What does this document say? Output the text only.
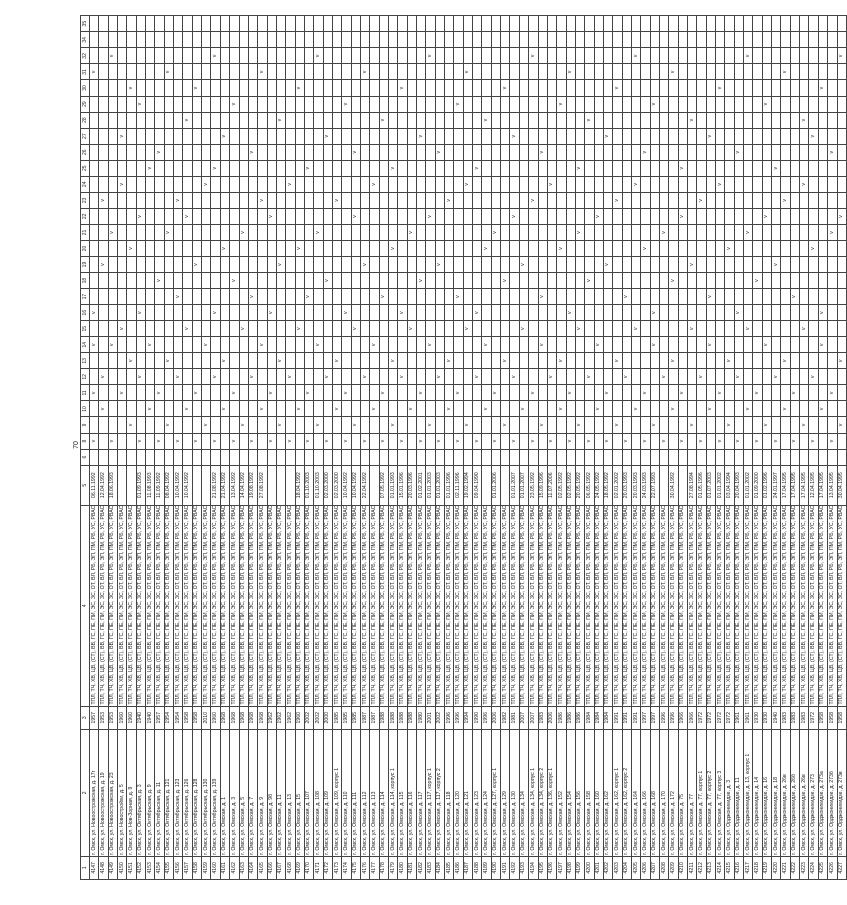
70
1	2	3	4	5	6	8	9	10	11	12	13	14	15	16	17	18	19	20	21	22	23	24	25	26	27	28	29	30	31	32	34	35
4147	г. Омск, ул. Новоострожская, д. 17г	1957	ТПЛ, ТЧ, ХВ, ЦВ, (СТ), ВВ, ГС, ПЕ, ПИ, ЭС, ЗС, ОТ, ВЛ, РБ, ЭП, ПМ, РБ, УС, РВАС	06.11.1992		v			v			v		v															v			
4148	г. Омск, ул. Новоострожская, д. 19	1953	ТПЛ, ТЧ, ХВ, ЦВ, (СТ), ВВ, ГС, ПЕ, ПИ, ЭС, ЗС, ОТ, ВЛ, РБ, ЭП, ПМ, РБ, УС, РВАС	12.04.1992				v		v							v				v											
4149	г. Омск, ул. Новоострожская, д. 23	1953	ТПЛ, ТЧ, ХВ, ЦВ, (СТ), ВВ, ГС, ПЕ, ПИ, ЭС, ЗС, ОТ, ВЛ, РБ, ЭП, ПМ, РБ, УС, РВАС	18.06.1993		v						v							v											v		
4150	г. Омск, ул. Новостройки, д. 5	1960	ТПЛ, ТЧ, ХВ, ЦВ, (СТ), ВВ, ГС, ПЕ, ПИ, ЭС, ЗС, ОТ, ВЛ, РБ, ЭП, ПМ, РБ, УС, РВАС						v				v									v			v							
4151	г. Омск, ул. Нов-Зорная, д. 9	1960	ТПЛ, ТЧ, ХВ, ЦВ, (СТ), ВВ, ГС, ПЕ, ПИ, ЭС, ЗС, ОТ, ВЛ, РБ, ЭП, ПМ, РБ, УС, РВАС				v				v							v										v				
4152	г. Омск, ул. Октябрьская, д. 3	1940	ТПЛ, ТЧ, ХВ, ЦВ, (СТ), ВВ, ГС, ПЕ, ПИ, ЭС, ЗС, ОТ, ВЛ, РБ, ЭП, ПМ, РБ, УС, РВАС	01.09.1993		v				v				v						v							v					
4153	г. Омск, ул. Октябрьская, д. 9	1940	ТПЛ, ТЧ, ХВ, ЦВ, (СТ), ВВ, ГС, ПЕ, ПИ, ЭС, ЗС, ОТ, ВЛ, РБ, ЭП, ПМ, РБ, УС, РВАС	11.08.1993				v				v											v									
4154	г. Омск, ул. Октябрьская, д. 11	1957	ТПЛ, ТЧ, ХВ, ЦВ, (СТ), ВВ, ГС, ПЕ, ПИ, ЭС, ЗС, ОТ, ВЛ, РБ, ЭП, ПМ, РБ, УС, РВАС	11.09.1992		v			v							v								v								
4155	г. Омск, ул. Октябрьская, д. 121	1954	ТПЛ, ТЧ, ХВ, ЦВ, (СТ), ВВ, ГС, ПЕ, ПИ, ЭС, ЗС, ОТ, ВЛ, РБ, ЭП, ПМ, РБ, УС, РВАС	08.04.1992			v				v								v										v			
4156	г. Омск, ул. Октябрьская, д. 123	1954	ТПЛ, ТЧ, ХВ, ЦВ, (СТ), ВВ, ГС, ПЕ, ПИ, ЭС, ЗС, ОТ, ВЛ, РБ, ЭП, ПМ, РБ, УС, РВАС	10.04.1992		v				v					v						v											
4157	г. Омск, ул. Октябрьская, д. 126	1958	ТПЛ, ТЧ, ХВ, ЦВ, (СТ), ВВ, ГС, ПЕ, ПИ, ЭС, ЗС, ОТ, ВЛ, РБ, ЭП, ПМ, РБ, УС, РВАС	10.04.1992				v					v							v						v						
4158	г. Омск, ул. Октябрьская, д. 128	1958	ТПЛ, ТЧ, ХВ, ЦВ, (СТ), ВВ, ГС, ПЕ, ПИ, ЭС, ЗС, ОТ, ВЛ, РБ, ЭП, ПМ, РБ, УС, РВАС			v			v								v											v				
4159	г. Омск, ул. Октябрьская, д. 130	2010	ТПЛ, ТЧ, ХВ, ЦВ, (СТ), ВВ, ГС, ПЕ, ПИ, ЭС, ЗС, ОТ, ВЛ, РБ, ЭП, ПМ, РБ, УС, РВАС				v					v										v										
4160	г. Омск, ул. Октябрьская, д. 139	1960	ТПЛ, ТЧ, ХВ, ЦВ, (СТ), ВВ, ГС, ПЕ, ПИ, ЭС, ЗС, ОТ, ВЛ, РБ, ЭП, ПМ, РБ, УС, РВАС	21.08.1992		v				v				v									v							v		
4161	г. Омск, ул. Омская, д. 1	1968	ТПЛ, ТЧ, ХВ, ЦВ, (СТ), ВВ, ГС, ПЕ, ПИ, ЭС, ЗС, ОТ, ВЛ, РБ, ЭП, ПМ, РБ, УС, РВАС	21.04.1992				v			v							v							v							
4162	г. Омск, ул. Омская, д. 3	1968	ТПЛ, ТЧ, ХВ, ЦВ, (СТ), ВВ, ГС, ПЕ, ПИ, ЭС, ЗС, ОТ, ВЛ, РБ, ЭП, ПМ, РБ, УС, РВАС	13.04.1992		v			v							v											v					
4163	г. Омск, ул. Омская, д. 5	1968	ТПЛ, ТЧ, ХВ, ЦВ, (СТ), ВВ, ГС, ПЕ, ПИ, ЭС, ЗС, ОТ, ВЛ, РБ, ЭП, ПМ, РБ, УС, РВАС	14.04.1992			v						v						v													
4164	г. Омск, ул. Омская, д. 7	1968	ТПЛ, ТЧ, ХВ, ЦВ, (СТ), ВВ, ГС, ПЕ, ПИ, ЭС, ЗС, ОТ, ВЛ, РБ, ЭП, ПМ, РБ, УС, РВАС	19.08.1992		v				v					v									v								
4165	г. Омск, ул. Омская, д. 9	1968	ТПЛ, ТЧ, ХВ, ЦВ, (СТ), ВВ, ГС, ПЕ, ПИ, ЭС, ЗС, ОТ, ВЛ, РБ, ЭП, ПМ, РБ, УС, РВАС	27.08.1992				v				v									v								v			
4166	г. Омск, ул. Омская, д. 9б	1962	ТПЛ, ТЧ, ХВ, ЦВ, (СТ), ВВ, ГС, ПЕ, ПИ, ЭС, ЗС, ОТ, ВЛ, РБ, ЭП, ПМ, РБ, УС, РВАС			v			v					v						v												
4167	г. Омск, ул. Омская, д. 11	1962	ТПЛ, ТЧ, ХВ, ЦВ, (СТ), ВВ, ГС, ПЕ, ПИ, ЭС, ЗС, ОТ, ВЛ, РБ, ЭП, ПМ, РБ, УС, РВАС				v				v						v									v						
4168	г. Омск, ул. Омская, д. 13	1962	ТПЛ, ТЧ, ХВ, ЦВ, (СТ), ВВ, ГС, ПЕ, ПИ, ЭС, ЗС, ОТ, ВЛ, РБ, ЭП, ПМ, РБ, УС, РВАС			v				v												v										
4169	г. Омск, ул. Омская, д. 15	1960	ТПЛ, ТЧ, ХВ, ЦВ, (СТ), ВВ, ГС, ПЕ, ПИ, ЭС, ЗС, ОТ, ВЛ, РБ, ЭП, ПМ, РБ, УС, РВАС	18.04.1992				v					v					v										v				
4170	г. Омск, ул. Омская, д. 107	2002	ТПЛ, ТЧ, ХВ, ЦВ, (СТ), ВВ, ГС, ПЕ, ПИ, ЭС, ЗС, ОТ, ВЛ, РБ, ЭП, ПМ, РБ, УС, РВАС	01.10.2003		v			v						v								v									
4171	г. Омск, ул. Омская, д. 108	2002	ТПЛ, ТЧ, ХВ, ЦВ, (СТ), ВВ, ГС, ПЕ, ПИ, ЭС, ЗС, ОТ, ВЛ, РБ, ЭП, ПМ, РБ, УС, РВАС	01.10.2003			v					v							v											v		
4172	г. Омск, ул. Омская, д. 109	2000	ТПЛ, ТЧ, ХВ, ЦВ, (СТ), ВВ, ГС, ПЕ, ПИ, ЭС, ЗС, ОТ, ВЛ, РБ, ЭП, ПМ, РБ, УС, РВАС	02.03.2000		v				v						v									v							
4173	г. Омск, ул. Омская, д. 109, корпус 1	1985	ТПЛ, ТЧ, ХВ, ЦВ, (СТ), ВВ, ГС, ПЕ, ПИ, ЭС, ЗС, ОТ, ВЛ, РБ, ЭП, ПМ, РБ, УС, РВАС	02.03.2000				v			v										v											
4174	г. Омск, ул. Омская, д. 110	1985	ТПЛ, ТЧ, ХВ, ЦВ, (СТ), ВВ, ГС, ПЕ, ПИ, ЭС, ЗС, ОТ, ВЛ, РБ, ЭП, ПМ, РБ, УС, РВАС	10.04.1992		v			v					v													v					
4175	г. Омск, ул. Омская, д. 111	1985	ТПЛ, ТЧ, ХВ, ЦВ, (СТ), ВВ, ГС, ПЕ, ПИ, ЭС, ЗС, ОТ, ВЛ, РБ, ЭП, ПМ, РБ, УС, РВАС	10.04.1992			v						v							v				v								
4176	г. Омск, ул. Омская, д. 112	1987	ТПЛ, ТЧ, ХВ, ЦВ, (СТ), ВВ, ГС, ПЕ, ПИ, ЭС, ЗС, ОТ, ВЛ, РБ, ЭП, ПМ, РБ, УС, РВАС	22.04.1992		v				v							v												v			
4177	г. Омск, ул. Омская, д. 113	1987	ТПЛ, ТЧ, ХВ, ЦВ, (СТ), ВВ, ГС, ПЕ, ПИ, ЭС, ЗС, ОТ, ВЛ, РБ, ЭП, ПМ, РБ, УС, РВАС					v				v										v										
4178	г. Омск, ул. Омская, д. 114	1988	ТПЛ, ТЧ, ХВ, ЦВ, (СТ), ВВ, ГС, ПЕ, ПИ, ЭС, ЗС, ОТ, ВЛ, РБ, ЭП, ПМ, РБ, УС, РВАС	07.05.1992		v			v						v											v						
4179	г. Омск, ул. Омская, д. 114, корпус 1	1988	ТПЛ, ТЧ, ХВ, ЦВ, (СТ), ВВ, ГС, ПЕ, ПИ, ЭС, ЗС, ОТ, ВЛ, РБ, ЭП, ПМ, РБ, УС, РВАС	01.01.1993			v				v							v					v									
4180	г. Омск, ул. Омская, д. 115	1988	ТПЛ, ТЧ, ХВ, ЦВ, (СТ), ВВ, ГС, ПЕ, ПИ, ЭС, ЗС, ОТ, ВЛ, РБ, ЭП, ПМ, РБ, УС, РВАС	15.01.1996		v				v				v														v				
4181	г. Омск, ул. Омская, д. 116	1988	ТПЛ, ТЧ, ХВ, ЦВ, (СТ), ВВ, ГС, ПЕ, ПИ, ЭС, ЗС, ОТ, ВЛ, РБ, ЭП, ПМ, РБ, УС, РВАС	20.03.1996				v					v						v													
4182	г. Омск, ул. Омская, д. 117	1980	ТПЛ, ТЧ, ХВ, ЦВ, (СТ), ВВ, ГС, ПЕ, ПИ, ЭС, ЗС, ОТ, ВЛ, РБ, ЭП, ПМ, РБ, УС, РВАС	01.02.2001		v			v							v									v							
4183	г. Омск, ул. Омская, д. 117, корпус 1	2001	ТПЛ, ТЧ, ХВ, ЦВ, (СТ), ВВ, ГС, ПЕ, ПИ, ЭС, ЗС, ОТ, ВЛ, РБ, ЭП, ПМ, РБ, УС, РВАС	01.01.2003			v					v								v										v		
4184	г. Омск, ул. Омская, д. 117, корпус 2	2002	ТПЛ, ТЧ, ХВ, ЦВ, (СТ), ВВ, ГС, ПЕ, ПИ, ЭС, ЗС, ОТ, ВЛ, РБ, ЭП, ПМ, РБ, УС, РВАС	01.01.2003		v				v							v							v								
4185	г. Омск, ул. Омская, д. 118	1996	ТПЛ, ТЧ, ХВ, ЦВ, (СТ), ВВ, ГС, ПЕ, ПИ, ЭС, ЗС, ОТ, ВЛ, РБ, ЭП, ПМ, РБ, УС, РВАС	01.01.1996				v			v										v											
4186	г. Омск, ул. Омская, д. 120	1996	ТПЛ, ТЧ, ХВ, ЦВ, (СТ), ВВ, ГС, ПЕ, ПИ, ЭС, ЗС, ОТ, ВЛ, РБ, ЭП, ПМ, РБ, УС, РВАС	02.11.1996		v			v						v												v					
4187	г. Омск, ул. Омская, д. 121	1994	ТПЛ, ТЧ, ХВ, ЦВ, (СТ), ВВ, ГС, ПЕ, ПИ, ЭС, ЗС, ОТ, ВЛ, РБ, ЭП, ПМ, РБ, УС, РВАС	19.02.1994			v						v									v							v			
4188	г. Омск, ул. Омская, д. 123	1990	ТПЛ, ТЧ, ХВ, ЦВ, (СТ), ВВ, ГС, ПЕ, ПИ, ЭС, ЗС, ОТ, ВЛ, РБ, ЭП, ПМ, РБ, УС, РВАС	09.04.1990		v				v				v									v									
4189	г. Омск, ул. Омская, д. 124	1996	ТПЛ, ТЧ, ХВ, ЦВ, (СТ), ВВ, ГС, ПЕ, ПИ, ЭС, ЗС, ОТ, ВЛ, РБ, ЭП, ПМ, РБ, УС, РВАС					v				v						v								v						
4190	г. Омск, ул. Омская, д. 127, корпус 1	2006	ТПЛ, ТЧ, ХВ, ЦВ, (СТ), ВВ, ГС, ПЕ, ПИ, ЭС, ЗС, ОТ, ВЛ, РБ, ЭП, ПМ, РБ, УС, РВАС	01.01.2006		v			v										v													
4191	г. Омск, ул. Омская, д. 129	1982	ТПЛ, ТЧ, ХВ, ЦВ, (СТ), ВВ, ГС, ПЕ, ПИ, ЭС, ЗС, ОТ, ВЛ, РБ, ЭП, ПМ, РБ, УС, РВАС				v				v					v												v				
4192	г. Омск, ул. Омская, д. 130	1981	ТПЛ, ТЧ, ХВ, ЦВ, (СТ), ВВ, ГС, ПЕ, ПИ, ЭС, ЗС, ОТ, ВЛ, РБ, ЭП, ПМ, РБ, УС, РВАС	01.01.2007		v				v										v					v							
4193	г. Омск, ул. Омская, д. 134	2007	ТПЛ, ТЧ, ХВ, ЦВ, (СТ), ВВ, ГС, ПЕ, ПИ, ЭС, ЗС, ОТ, ВЛ, РБ, ЭП, ПМ, РБ, УС, РВАС	01.01.2007				v					v				v															
4194	г. Омск, ул. Омская, д. 134, корпус 1	2007	ТПЛ, ТЧ, ХВ, ЦВ, (СТ), ВВ, ГС, ПЕ, ПИ, ЭС, ЗС, ОТ, ВЛ, РБ, ЭП, ПМ, РБ, УС, РВАС	23.05.1992		v			v												v									v		
4195	г. Омск, ул. Омская, д. 134, корпус 2	1983	ТПЛ, ТЧ, ХВ, ЦВ, (СТ), ВВ, ГС, ПЕ, ПИ, ЭС, ЗС, ОТ, ВЛ, РБ, ЭП, ПМ, РБ, УС, РВАС	15.09.1996			v					v			v									v								
4196	г. Омск, ул. Омская, д. 136, корпус 1	2006	ТПЛ, ТЧ, ХВ, ЦВ, (СТ), ВВ, ГС, ПЕ, ПИ, ЭС, ЗС, ОТ, ВЛ, РБ, ЭП, ПМ, РБ, УС, РВАС	11.07.2006		v				v												v										
4197	г. Омск, ул. Омская, д. 152	1986	ТПЛ, ТЧ, ХВ, ЦВ, (СТ), ВВ, ГС, ПЕ, ПИ, ЭС, ЗС, ОТ, ВЛ, РБ, ЭП, ПМ, РБ, УС, РВАС	02.05.1992				v			v							v									v					
4198	г. Омск, ул. Омская, д. 154	1986	ТПЛ, ТЧ, ХВ, ЦВ, (СТ), ВВ, ГС, ПЕ, ПИ, ЭС, ЗС, ОТ, ВЛ, РБ, ЭП, ПМ, РБ, УС, РВАС	02.05.1992		v			v					v															v			
4199	г. Омск, ул. Омская, д. 156	1986	ТПЛ, ТЧ, ХВ, ЦВ, (СТ), ВВ, ГС, ПЕ, ПИ, ЭС, ЗС, ОТ, ВЛ, РБ, ЭП, ПМ, РБ, УС, РВАС	20.05.1992			v						v						v				v									
4200	г. Омск, ул. Омская, д. 158	1984	ТПЛ, ТЧ, ХВ, ЦВ, (СТ), ВВ, ГС, ПЕ, ПИ, ЭС, ЗС, ОТ, ВЛ, РБ, ЭП, ПМ, РБ, УС, РВАС	06.05.1992		v				v						v										v						
4201	г. Омск, ул. Омская, д. 160	1984	ТПЛ, ТЧ, ХВ, ЦВ, (СТ), ВВ, ГС, ПЕ, ПИ, ЭС, ЗС, ОТ, ВЛ, РБ, ЭП, ПМ, РБ, УС, РВАС	24.05.1992				v				v								v												
4202	г. Омск, ул. Омская, д. 162	1984	ТПЛ, ТЧ, ХВ, ЦВ, (СТ), ВВ, ГС, ПЕ, ПИ, ЭС, ЗС, ОТ, ВЛ, РБ, ЭП, ПМ, РБ, УС, РВАС	18.05.1992		v			v								v								v							
4203	г. Омск, ул. Омская, д. 162, корпус 1	1991	ТПЛ, ТЧ, ХВ, ЦВ, (СТ), ВВ, ГС, ПЕ, ПИ, ЭС, ЗС, ОТ, ВЛ, РБ, ЭП, ПМ, РБ, УС, РВАС	02.01.2002			v				v										v							v				
4204	г. Омск, ул. Омская, д. 162, корпус 2	1991	ТПЛ, ТЧ, ХВ, ЦВ, (СТ), ВВ, ГС, ПЕ, ПИ, ЭС, ЗС, ОТ, ВЛ, РБ, ЭП, ПМ, РБ, УС, РВАС	20.03.1993		v				v					v																	
4205	г. Омск, ул. Омская, д. 164	1991	ТПЛ, ТЧ, ХВ, ЦВ, (СТ), ВВ, ГС, ПЕ, ПИ, ЭС, ЗС, ОТ, ВЛ, РБ, ЭП, ПМ, РБ, УС, РВАС	20.03.1993				v					v									v								v		
4206	г. Омск, ул. Омская, д. 166	1997	ТПЛ, ТЧ, ХВ, ЦВ, (СТ), ВВ, ГС, ПЕ, ПИ, ЭС, ЗС, ОТ, ВЛ, РБ, ЭП, ПМ, РБ, УС, РВАС	24.03.1993		v			v									v						v								
4207	г. Омск, ул. Омская, д. 168	1997	ТПЛ, ТЧ, ХВ, ЦВ, (СТ), ВВ, ГС, ПЕ, ПИ, ЭС, ЗС, ОТ, ВЛ, РБ, ЭП, ПМ, РБ, УС, РВАС	22.07.1993			v					v		v													v					
4208	г. Омск, ул. Омская, д. 170	1996	ТПЛ, ТЧ, ХВ, ЦВ, (СТ), ВВ, ГС, ПЕ, ПИ, ЭС, ЗС, ОТ, ВЛ, РБ, ЭП, ПМ, РБ, УС, РВАС			v				v									v													
4209	г. Омск, ул. Омская, д. 172	1996	ТПЛ, ТЧ, ХВ, ЦВ, (СТ), ВВ, ГС, ПЕ, ПИ, ЭС, ЗС, ОТ, ВЛ, РБ, ЭП, ПМ, РБ, УС, РВАС	30.04.1992				v			v					v													v			
4210	г. Омск, ул. Омская, д. 75	1966	ТПЛ, ТЧ, ХВ, ЦВ, (СТ), ВВ, ГС, ПЕ, ПИ, ЭС, ЗС, ОТ, ВЛ, РБ, ЭП, ПМ, РБ, УС, РВАС			v			v											v			v									
4211	г. Омск, ул. Омская, д. 77	1966	ТПЛ, ТЧ, ХВ, ЦВ, (СТ), ВВ, ГС, ПЕ, ПИ, ЭС, ЗС, ОТ, ВЛ, РБ, ЭП, ПМ, РБ, УС, РВАС	27.08.1994			v						v				v									v						
4212	г. Омск, ул. Омская, д. 77, корпус 1	1972	ТПЛ, ТЧ, ХВ, ЦВ, (СТ), ВВ, ГС, ПЕ, ПИ, ЭС, ЗС, ОТ, ВЛ, РБ, ЭП, ПМ, РБ, УС, РВАС	01.05.1996		v				v											v											
4213	г. Омск, ул. Омская, д. 77, корпус 2	1972	ТПЛ, ТЧ, ХВ, ЦВ, (СТ), ВВ, ГС, ПЕ, ПИ, ЭС, ЗС, ОТ, ВЛ, РБ, ЭП, ПМ, РБ, УС, РВАС	01.07.2003				v				v			v										v							
4214	г. Омск, ул. Омская, д. 77, корпус 3	1972	ТПЛ, ТЧ, ХВ, ЦВ, (СТ), ВВ, ГС, ПЕ, ПИ, ЭС, ЗС, ОТ, ВЛ, РБ, ЭП, ПМ, РБ, УС, РВАС	01.01.2002		v			v													v						v				
4215	г. Омск, ул. Орджоникидзе, д. 3	1972	ТПЛ, ТЧ, ХВ, ЦВ, (СТ), ВВ, ГС, ПЕ, ПИ, ЭС, ЗС, ОТ, ВЛ, РБ, ЭП, ПМ, РБ, УС, РВАС	03.04.1994			v				v							v														
4216	г. Омск, ул. Орджоникидзе, д. 11	1961	ТПЛ, ТЧ, ХВ, ЦВ, (СТ), ВВ, ГС, ПЕ, ПИ, ЭС, ЗС, ОТ, ВЛ, РБ, ЭП, ПМ, РБ, УС, РВАС	20.04.1993		v				v				v										v								
4217	г. Омск, ул. Орджоникидзе, д. 13, корпус 1	1961	ТПЛ, ТЧ, ХВ, ЦВ, (СТ), ВВ, ГС, ПЕ, ПИ, ЭС, ЗС, ОТ, ВЛ, РБ, ЭП, ПМ, РБ, УС, РВАС	01.01.2002				v					v						v											v		
4218	г. Омск, ул. Орджоникидзе, д. 14	1930	ТПЛ, ТЧ, ХВ, ЦВ, (СТ), ВВ, ГС, ПЕ, ПИ, ЭС, ЗС, ОТ, ВЛ, РБ, ЭП, ПМ, РБ, УС, РВАС	01.09.2000		v			v							v																
4219	г. Омск, ул. Орджоникидзе, д. 16	1930	ТПЛ, ТЧ, ХВ, ЦВ, (СТ), ВВ, ГС, ПЕ, ПИ, ЭС, ЗС, ОТ, ВЛ, РБ, ЭП, ПМ, РБ, УС, РВАС	01.02.1996			v					v								v							v					
4220	г. Омск, ул. Орджоникидзе, д. 18	1940	ТПЛ, ТЧ, ХВ, ЦВ, (СТ), ВВ, ГС, ПЕ, ПИ, ЭС, ЗС, ОТ, ВЛ, РБ, ЭП, ПМ, РБ, УС, РВАС	24.01.1997		v				v							v						v									
4221	г. Омск, ул. Орджоникидзе, д. 26в	1983	ТПЛ, ТЧ, ХВ, ЦВ, (СТ), ВВ, ГС, ПЕ, ПИ, ЭС, ЗС, ОТ, ВЛ, РБ, ЭП, ПМ, РБ, УС, РВАС	17.04.1995				v			v										v								v			
4222	г. Омск, ул. Орджоникидзе, д. 26б	1983	ТПЛ, ТЧ, ХВ, ЦВ, (СТ), ВВ, ГС, ПЕ, ПИ, ЭС, ЗС, ОТ, ВЛ, РБ, ЭП, ПМ, РБ, УС, РВАС	17.04.1995		v			v						v																	
4223	г. Омск, ул. Орджоникидзе, д. 26в	1983	ТПЛ, ТЧ, ХВ, ЦВ, (СТ), ВВ, ГС, ПЕ, ПИ, ЭС, ЗС, ОТ, ВЛ, РБ, ЭП, ПМ, РБ, УС, РВАС	17.04.1995			v						v									v				v						
4224	г. Омск, ул. Орджоникидзе, д. 273	1972	ТПЛ, ТЧ, ХВ, ЦВ, (СТ), ВВ, ГС, ПЕ, ПИ, ЭС, ЗС, ОТ, ВЛ, РБ, ЭП, ПМ, РБ, УС, РВАС	12.04.1995		v				v								v							v							
4225	г. Омск, ул. Орджоникидзе, д. 273а	1958	ТПЛ, ТЧ, ХВ, ЦВ, (СТ), ВВ, ГС, ПЕ, ПИ, ЭС, ЗС, ОТ, ВЛ, РБ, ЭП, ПМ, РБ, УС, РВАС	17.04.1995				v				v		v														v				
4226	г. Омск, ул. Орджоникидзе, д. 273б	1958	ТПЛ, ТЧ, ХВ, ЦВ, (СТ), ВВ, ГС, ПЕ, ПИ, ЭС, ЗС, ОТ, ВЛ, РБ, ЭП, ПМ, РБ, УС, РВАС	13.04.1995		v			v										v					v								
4227	г. Омск, ул. Орджоникидзе, д. 273в	1958	ТПЛ, ТЧ, ХВ, ЦВ, (СТ), ВВ, ГС, ПЕ, ПИ, ЭС, ЗС, ОТ, ВЛ, РБ, ЭП, ПМ, РБ, УС, РВАС	30.04.1995			v				v									v										v		
